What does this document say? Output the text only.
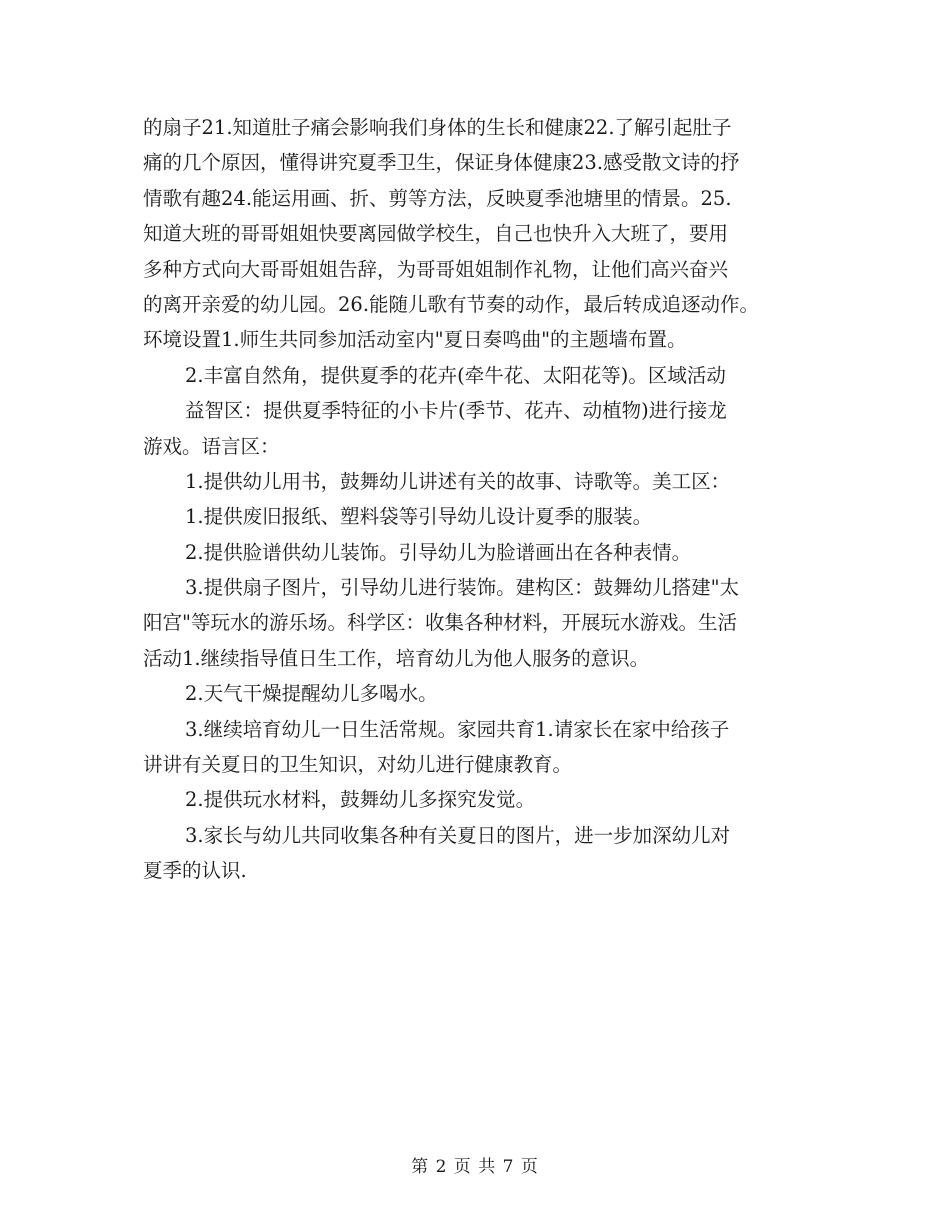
的扇子21.知道肚子痛会影响我们身体的生长和健康22.了解引起肚子
痛的几个原因，懂得讲究夏季卫生，保证身体健康23.感受散文诗的抒
情歌有趣24.能运用画、折、剪等方法，反映夏季池塘里的情景。25.
知道大班的哥哥姐姐快要离园做学校生，自己也快升入大班了，要用
多种方式向大哥哥姐姐告辞，为哥哥姐姐制作礼物，让他们高兴奋兴
的离开亲爱的幼儿园。26.能随儿歌有节奏的动作，最后转成追逐动作。
环境设置1.师生共同参加活动室内"夏日奏鸣曲"的主题墙布置。
2.丰富自然角，提供夏季的花卉(牵牛花、太阳花等)。区域活动
益智区：提供夏季特征的小卡片(季节、花卉、动植物)进行接龙
游戏。语言区：
1.提供幼儿用书，鼓舞幼儿讲述有关的故事、诗歌等。美工区：
1.提供废旧报纸、塑料袋等引导幼儿设计夏季的服装。
2.提供脸谱供幼儿装饰。引导幼儿为脸谱画出在各种表情。
3.提供扇子图片，引导幼儿进行装饰。建构区：鼓舞幼儿搭建"太
阳宫"等玩水的游乐场。科学区：收集各种材料，开展玩水游戏。生活
活动1.继续指导值日生工作，培育幼儿为他人服务的意识。
2.天气干燥提醒幼儿多喝水。
3.继续培育幼儿一日生活常规。家园共育1.请家长在家中给孩子
讲讲有关夏日的卫生知识，对幼儿进行健康教育。
2.提供玩水材料，鼓舞幼儿多探究发觉。
3.家长与幼儿共同收集各种有关夏日的图片，进一步加深幼儿对
夏季的认识.
第 2 页 共 7 页
